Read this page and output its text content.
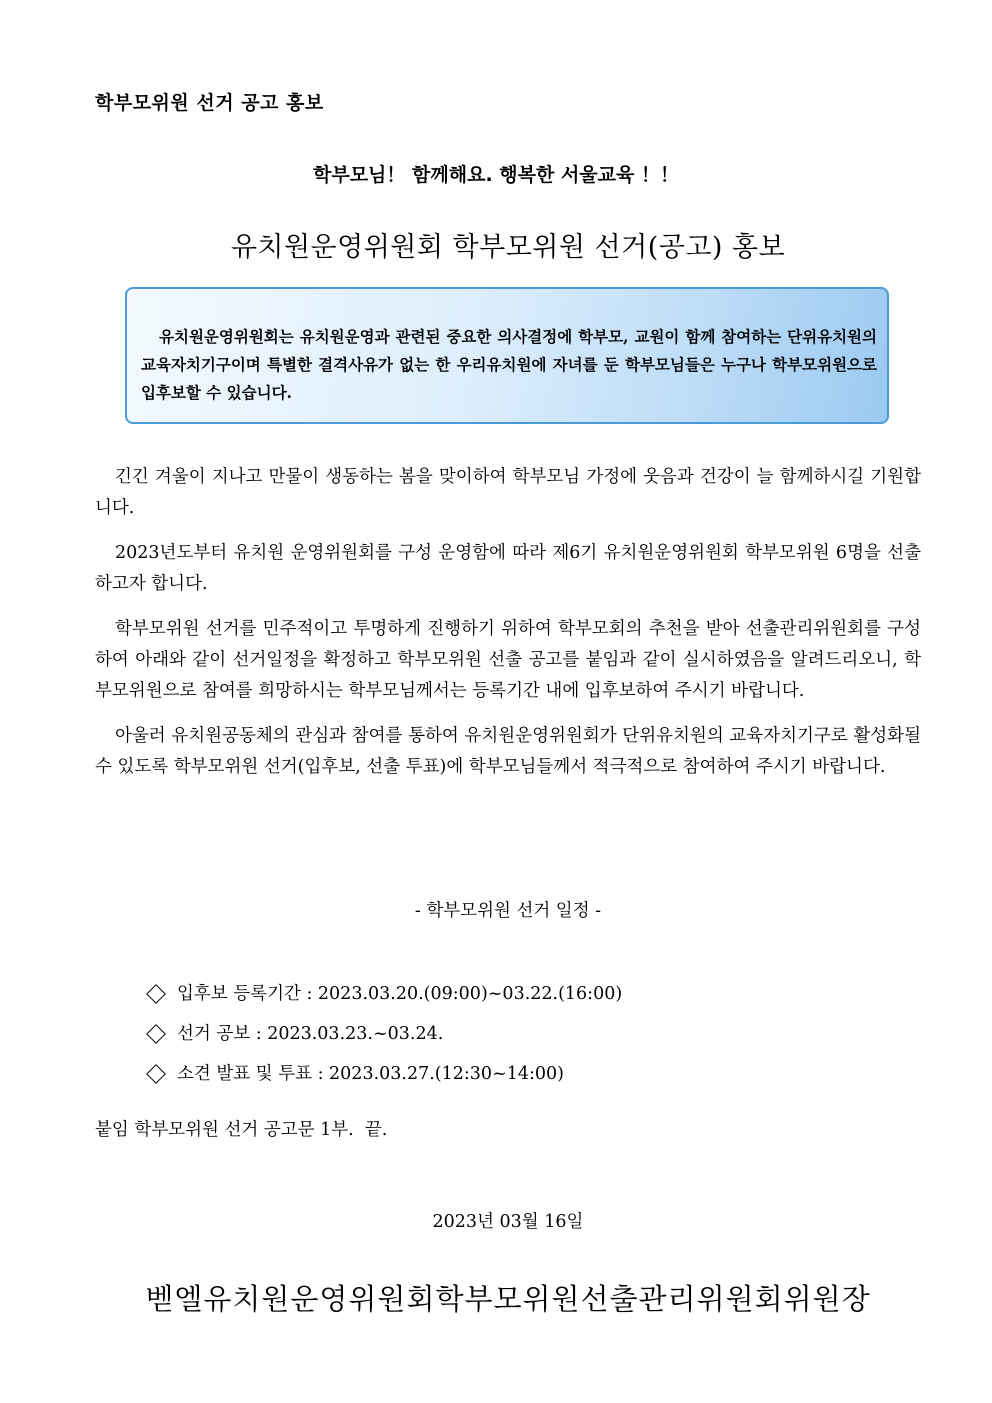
학부모위원 선거 공고 홍보
학부모님！ 함께해요. 행복한 서울교육 ！！
유치원운영위원회 학부모위원 선거(공고) 홍보

유치원운영위원회는 유치원운영과 관련된 중요한 의사결정에 학부모, 교원이 함께 참여하는 단위유치원의 교육자치기구이며 특별한 결격사유가 없는 한 우리유치원에 자녀를 둔 학부모님들은 누구나 학부모위원으로 입후보할 수 있습니다.

긴긴 겨울이 지나고 만물이 생동하는 봄을 맞이하여 학부모님 가정에 웃음과 건강이 늘 함께하시길 기원합니다.

2023년도부터 유치원 운영위원회를 구성 운영함에 따라 제6기 유치원운영위원회 학부모위원 6명을 선출하고자 합니다.

학부모위원 선거를 민주적이고 투명하게 진행하기 위하여 학부모회의 추천을 받아 선출관리위원회를 구성하여 아래와 같이 선거일정을 확정하고 학부모위원 선출 공고를 붙임과 같이 실시하였음을 알려드리오니, 학부모위원으로 참여를 희망하시는 학부모님께서는 등록기간 내에 입후보하여 주시기 바랍니다.

아울러 유치원공동체의 관심과 참여를 통하여 유치원운영위원회가 단위유치원의 교육자치기구로 활성화될 수 있도록 학부모위원 선거(입후보, 선출 투표)에 학부모님들께서 적극적으로 참여하여 주시기 바랍니다.

- 학부모위원 선거 일정 -
입후보 등록기간 : 2023.03.20.(09:00)~03.22.(16:00)
선거 공보 : 2023.03.23.~03.24.
소견 발표 및 투표 : 2023.03.27.(12:30~14:00)
붙임 학부모위원 선거 공고문 1부.  끝.
2023년 03월 16일
벧엘유치원운영위원회학부모위원선출관리위원회위원장
